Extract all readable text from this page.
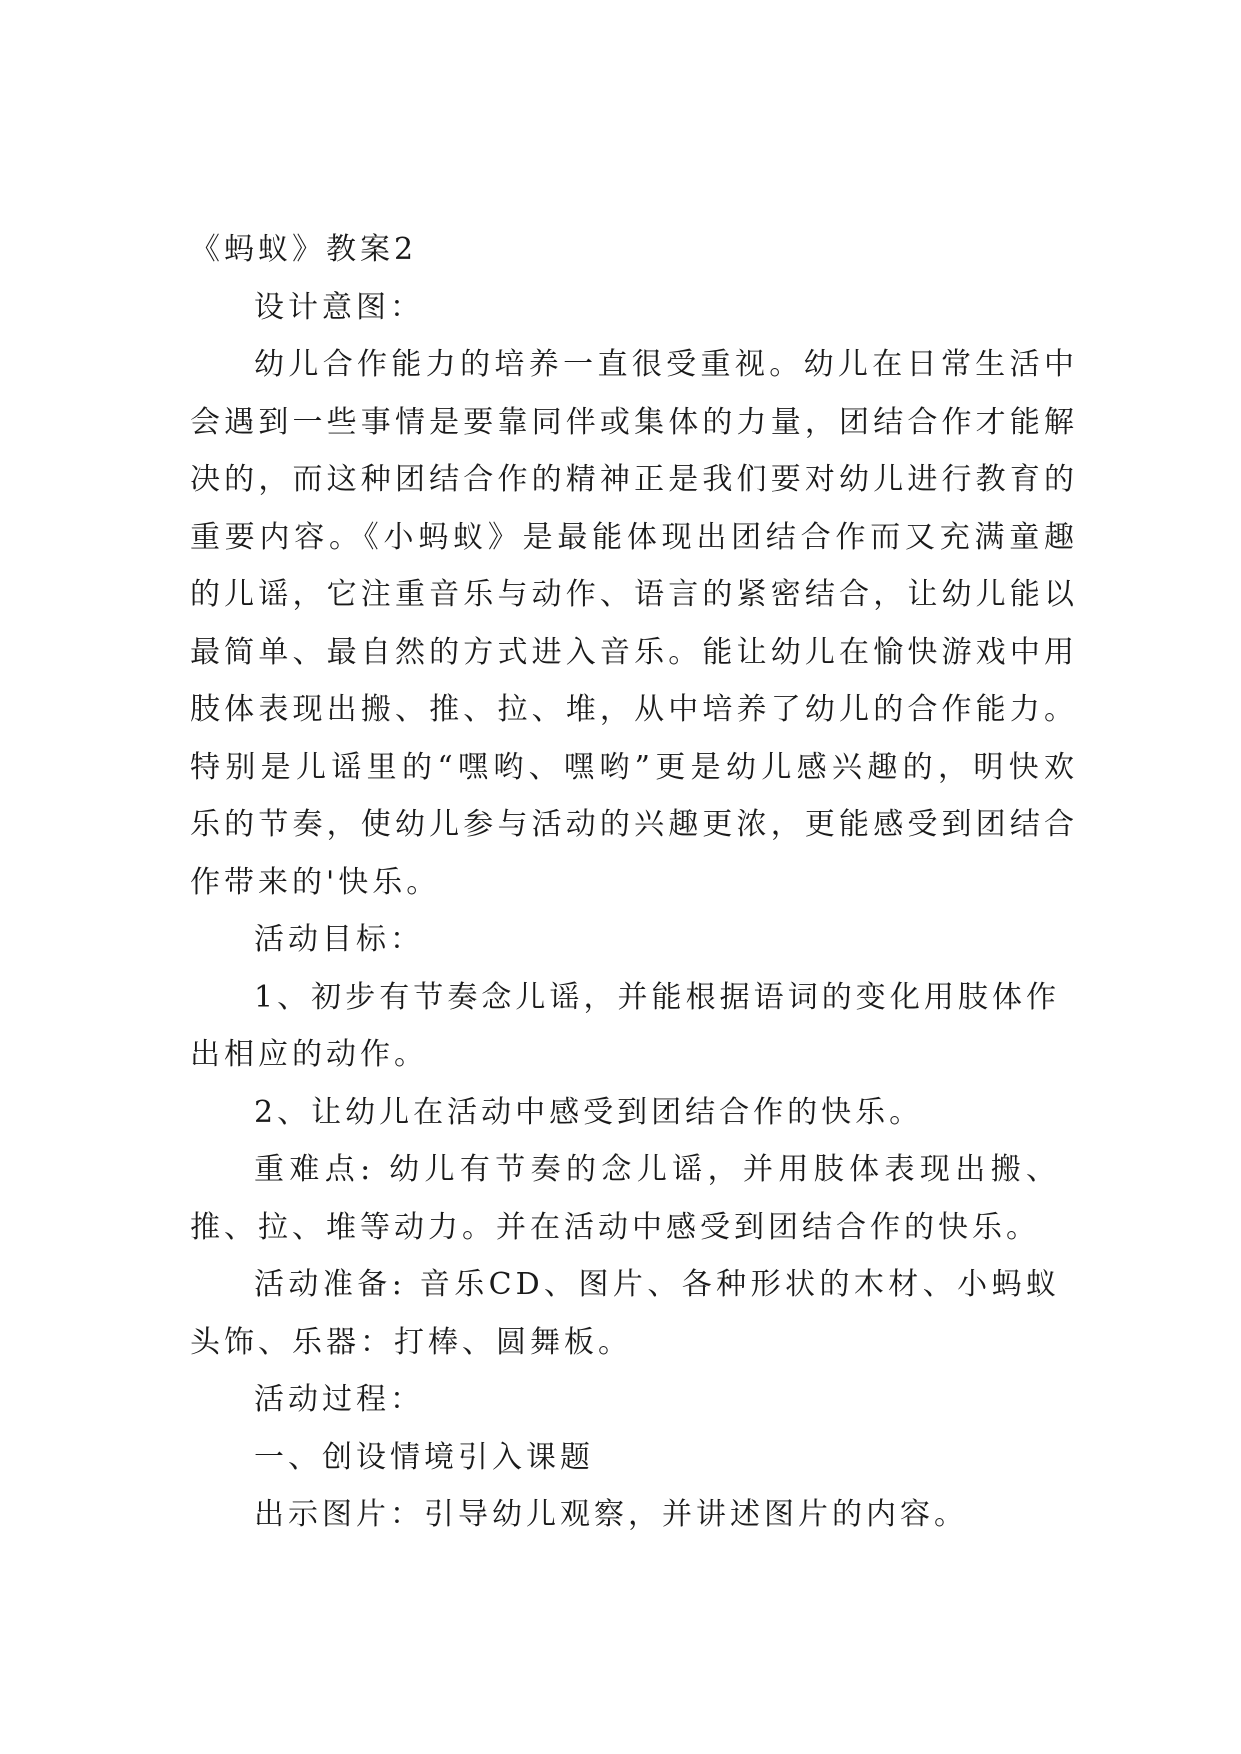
《蚂蚁》教案2

设计意图：

幼儿合作能力的培养一直很受重视。幼儿在日常生活中会遇到一些事情是要靠同伴或集体的力量，团结合作才能解决的，而这种团结合作的精神正是我们要对幼儿进行教育的重要内容。《小蚂蚁》是最能体现出团结合作而又充满童趣的儿谣，它注重音乐与动作、语言的紧密结合，让幼儿能以最简单、最自然的方式进入音乐。能让幼儿在愉快游戏中用肢体表现出搬、推、拉、堆，从中培养了幼儿的合作能力。特别是儿谣里的“嘿哟、嘿哟”更是幼儿感兴趣的，明快欢乐的节奏，使幼儿参与活动的兴趣更浓，更能感受到团结合作带来的'快乐。

活动目标：

1、初步有节奏念儿谣，并能根据语词的变化用肢体作出相应的动作。

2、让幼儿在活动中感受到团结合作的快乐。

重难点: 幼儿有节奏的念儿谣，并用肢体表现出搬、推、拉、堆等动力。并在活动中感受到团结合作的快乐。

活动准备: 音乐CD、图片、各种形状的木材、小蚂蚁头饰、乐器：打棒、圆舞板。

活动过程：

一、创设情境引入课题

出示图片：引导幼儿观察，并讲述图片的内容。
